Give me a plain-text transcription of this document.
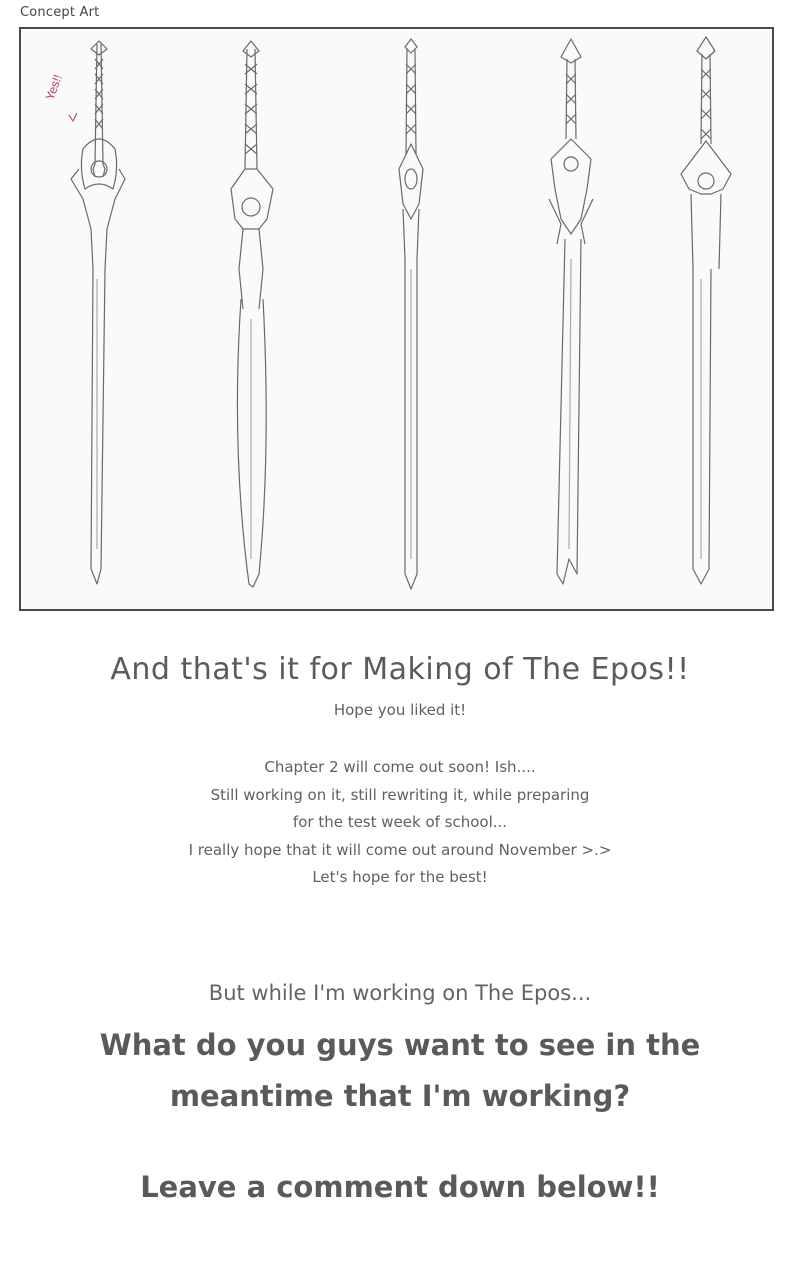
Concept Art
Yes!!
And that's it for Making of The Epos!!
Hope you liked it!
Chapter 2 will come out soon! Ish....
Still working on it, still rewriting it, while preparing
for the test week of school...
I really hope that it will come out around November >.>
Let's hope for the best!
But while I'm working on The Epos...
What do you guys want to see in the
meantime that I'm working?
Leave a comment down below!!
